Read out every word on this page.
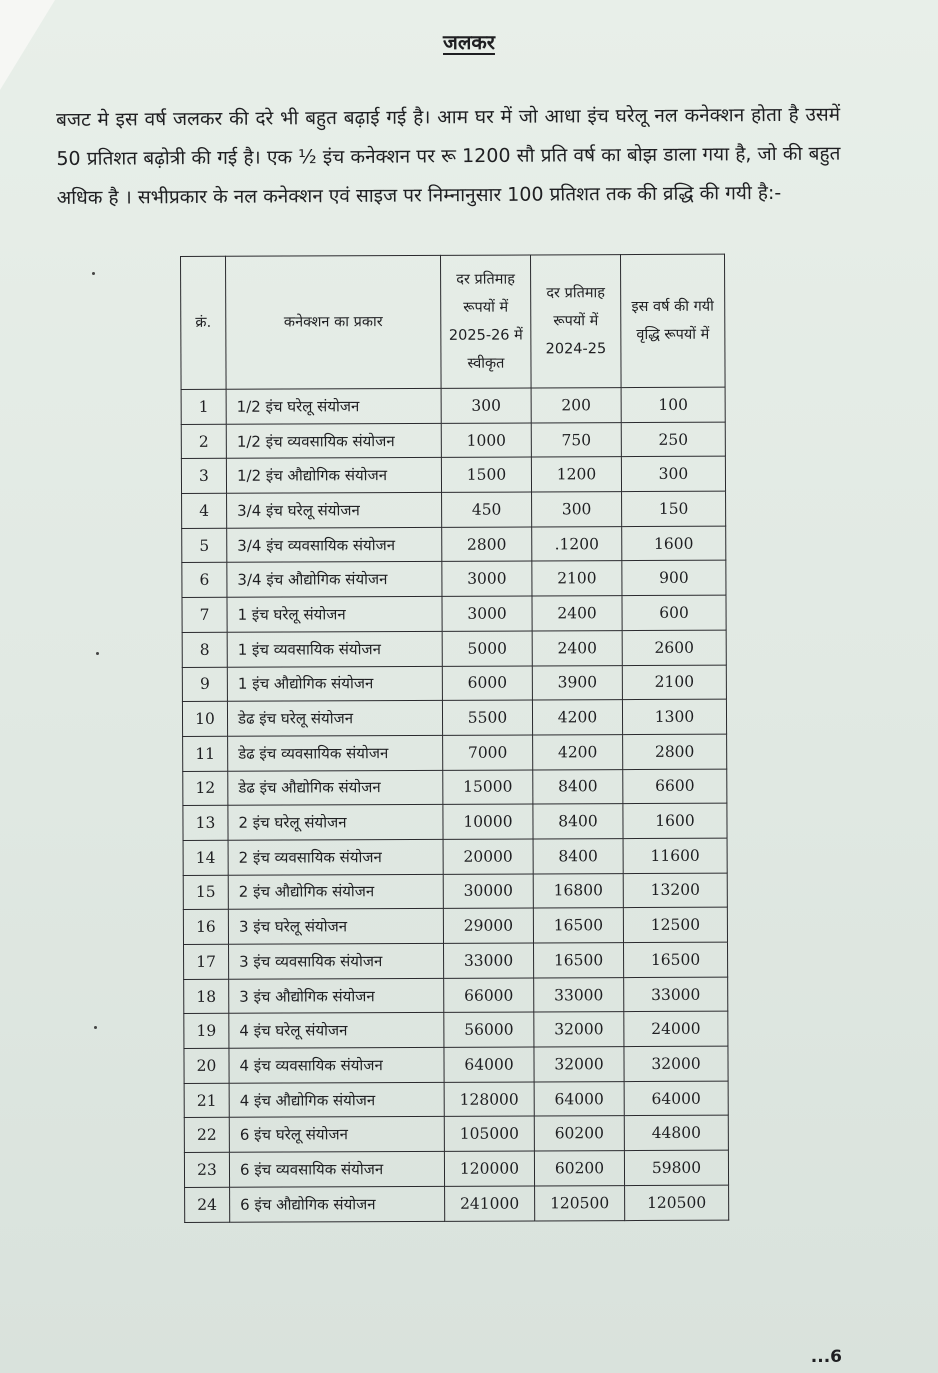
जलकर

बजट मे इस वर्ष जलकर की दरे भी बहुत बढ़ाई गई है। आम घर में जो आधा इंच घरेलू नल कनेक्शन होता है उसमें 50 प्रतिशत बढ़ोत्री की गई है। एक ½ इंच कनेक्शन पर रू 1200 सौ प्रति वर्ष का बोझ डाला गया है, जो की बहुत अधिक है । सभीप्रकार के नल कनेक्शन एवं साइज पर निम्नानुसार 100 प्रतिशत तक की व्रद्धि की गयी है:-

क्रं.	कनेक्शन का प्रकार	दर प्रतिमाह रूपयों में 2025-26 में स्वीकृत	दर प्रतिमाह रूपयों में 2024-25	इस वर्ष की गयी वृद्धि रूपयों में
1	1/2 इंच घरेलू संयोजन	300	200	100
2	1/2 इंच व्यवसायिक संयोजन	1000	750	250
3	1/2 इंच औद्योगिक संयोजन	1500	1200	300
4	3/4 इंच घरेलू संयोजन	450	300	150
5	3/4 इंच व्यवसायिक संयोजन	2800	.1200	1600
6	3/4 इंच औद्योगिक संयोजन	3000	2100	900
7	1 इंच घरेलू संयोजन	3000	2400	600
8	1 इंच व्यवसायिक संयोजन	5000	2400	2600
9	1 इंच औद्योगिक संयोजन	6000	3900	2100
10	डेढ इंच घरेलू संयोजन	5500	4200	1300
11	डेढ इंच व्यवसायिक संयोजन	7000	4200	2800
12	डेढ इंच औद्योगिक संयोजन	15000	8400	6600
13	2 इंच घरेलू संयोजन	10000	8400	1600
14	2 इंच व्यवसायिक संयोजन	20000	8400	11600
15	2 इंच औद्योगिक संयोजन	30000	16800	13200
16	3 इंच घरेलू संयोजन	29000	16500	12500
17	3 इंच व्यवसायिक संयोजन	33000	16500	16500
18	3 इंच औद्योगिक संयोजन	66000	33000	33000
19	4 इंच घरेलू संयोजन	56000	32000	24000
20	4 इंच व्यवसायिक संयोजन	64000	32000	32000
21	4 इंच औद्योगिक संयोजन	128000	64000	64000
22	6 इंच घरेलू संयोजन	105000	60200	44800
23	6 इंच व्यवसायिक संयोजन	120000	60200	59800
24	6 इंच औद्योगिक संयोजन	241000	120500	120500
...6
